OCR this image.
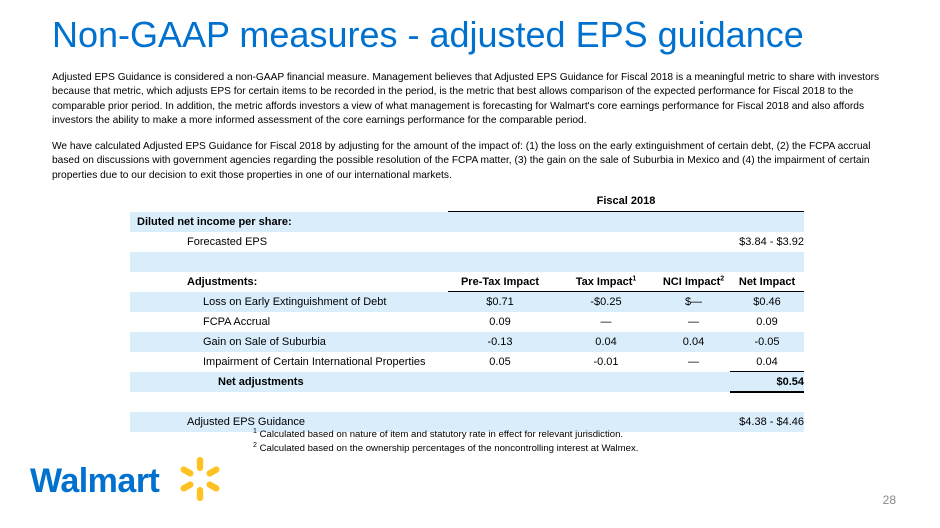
Non-GAAP measures - adjusted EPS guidance

Adjusted EPS Guidance is considered a non-GAAP financial measure. Management believes that Adjusted EPS Guidance for Fiscal 2018 is a meaningful metric to share with investors because that metric, which adjusts EPS for certain items to be recorded in the period, is the metric that best allows comparison of the expected performance for Fiscal 2018 to the comparable prior period. In addition, the metric affords investors a view of what management is forecasting for Walmart's core earnings performance for Fiscal 2018 and also affords investors the ability to make a more informed assessment of the core earnings performance for the comparable period.

We have calculated Adjusted EPS Guidance for Fiscal 2018 by adjusting for the amount of the impact of: (1) the loss on the early extinguishment of certain debt, (2) the FCPA accrual based on discussions with government agencies regarding the possible resolution of the FCPA matter, (3) the gain on the sale of Suburbia in Mexico and (4) the impairment of certain properties due to our decision to exit those properties in one of our international markets.

Fiscal 2018
Diluted net income per share:
Forecasted EPS	$3.84 - $3.92
Adjustments:	Pre-Tax Impact	Tax Impact$^1$	NCI Impact$^2$	Net Impact
Loss on Early Extinguishment of Debt	$0.71	-$0.25	$—	$0.46
FCPA Accrual	0.09	—	—	0.09
Gain on Sale of Suburbia	-0.13	0.04	0.04	-0.05
Impairment of Certain International Properties	0.05	-0.01	—	0.04
Net adjustments	$0.54
Adjusted EPS Guidance	$4.38 - $4.46
$^1$ Calculated based on nature of item and statutory rate in effect for relevant jurisdiction.
$^2$ Calculated based on the ownership percentages of the noncontrolling interest at Walmex.
Walmart	28
